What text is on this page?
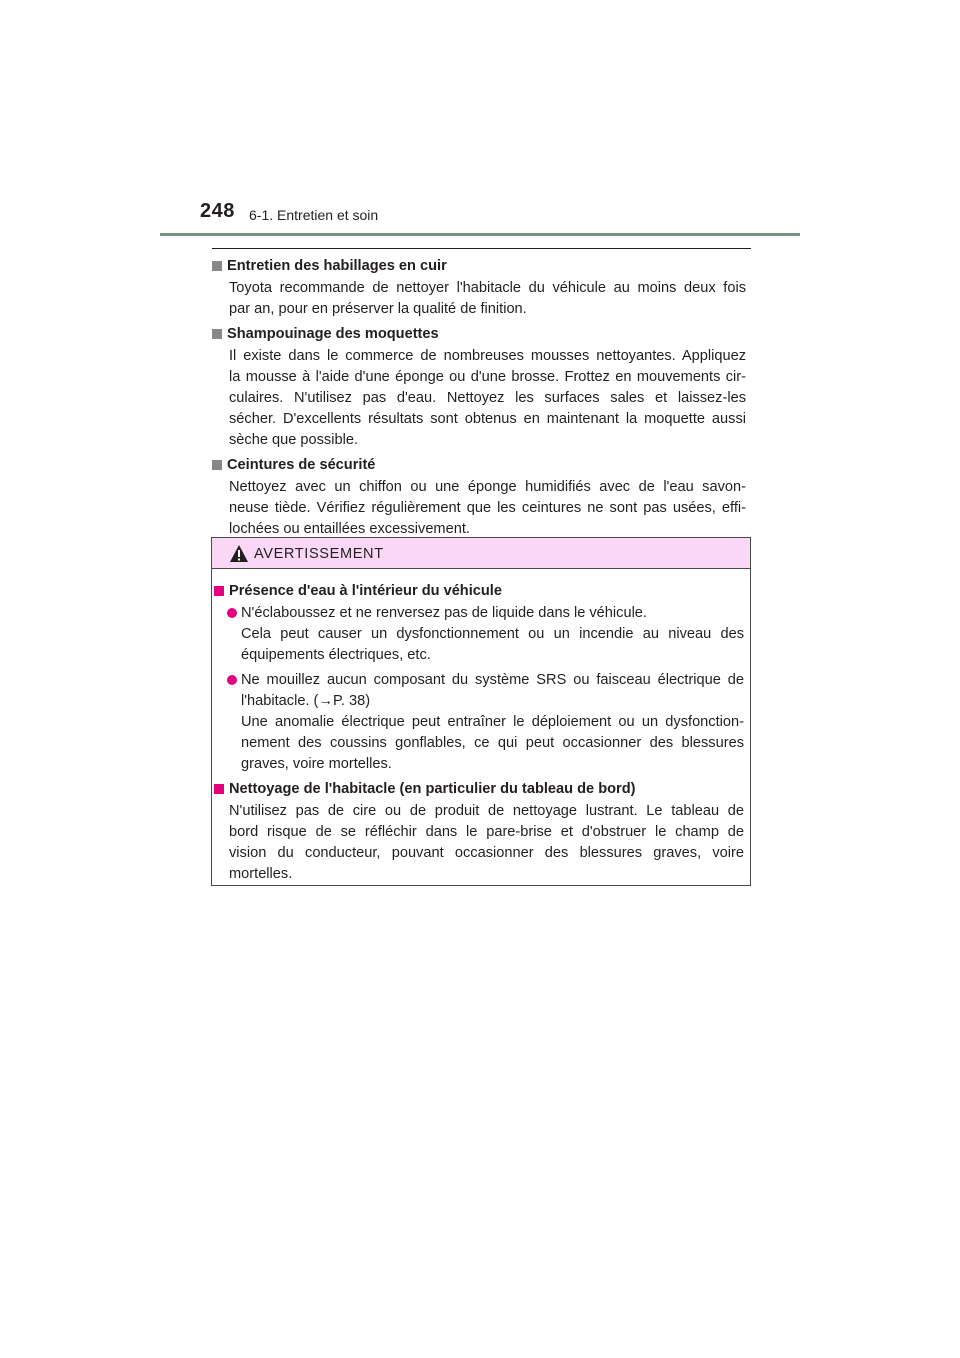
248 6-1. Entretien et soin
Entretien des habillages en cuir
Toyota recommande de nettoyer l'habitacle du véhicule au moins deux fois
par an, pour en préserver la qualité de finition.
Shampouinage des moquettes
Il existe dans le commerce de nombreuses mousses nettoyantes. Appliquez
la mousse à l'aide d'une éponge ou d'une brosse. Frottez en mouvements cir-
culaires. N'utilisez pas d'eau. Nettoyez les surfaces sales et laissez-les
sécher. D'excellents résultats sont obtenus en maintenant la moquette aussi
sèche que possible.
Ceintures de sécurité
Nettoyez avec un chiffon ou une éponge humidifiés avec de l'eau savon-
neuse tiède. Vérifiez régulièrement que les ceintures ne sont pas usées, effi-
lochées ou entaillées excessivement.
AVERTISSEMENT
Présence d'eau à l'intérieur du véhicule
N'éclaboussez et ne renversez pas de liquide dans le véhicule.
Cela peut causer un dysfonctionnement ou un incendie au niveau des
équipements électriques, etc.
Ne mouillez aucun composant du système SRS ou faisceau électrique de
l'habitacle. (→P. 38)
Une anomalie électrique peut entraîner le déploiement ou un dysfonction-
nement des coussins gonflables, ce qui peut occasionner des blessures
graves, voire mortelles.
Nettoyage de l'habitacle (en particulier du tableau de bord)
N'utilisez pas de cire ou de produit de nettoyage lustrant. Le tableau de
bord risque de se réfléchir dans le pare-brise et d'obstruer le champ de
vision du conducteur, pouvant occasionner des blessures graves, voire
mortelles.
